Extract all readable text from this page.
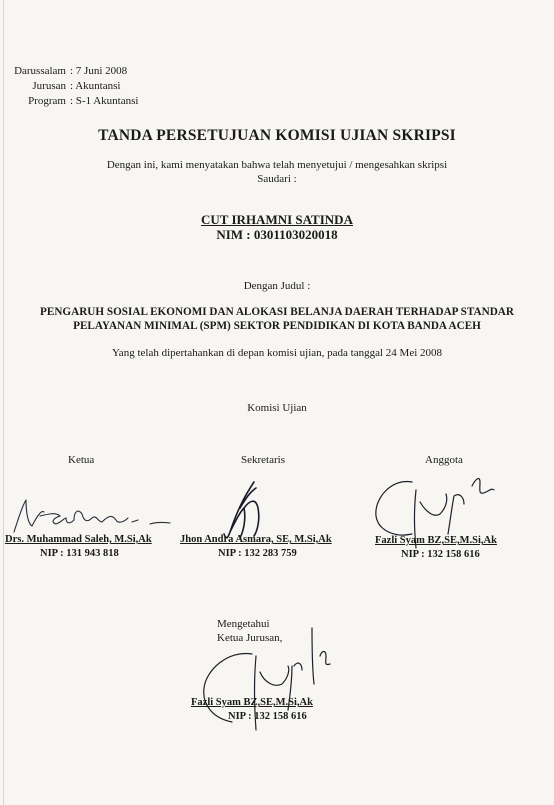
Darussalam : 7 Juni 2008
Jurusan : Akuntansi
Program : S-1 Akuntansi
TANDA PERSETUJUAN KOMISI UJIAN SKRIPSI
Dengan ini, kami menyatakan bahwa telah menyetujui / mengesahkan skripsi
Saudari :
CUT IRHAMNI SATINDA
NIM : 0301103020018
Dengan Judul :
PENGARUH SOSIAL EKONOMI DAN ALOKASI BELANJA DAERAH TERHADAP STANDAR
PELAYANAN MINIMAL (SPM) SEKTOR PENDIDIKAN DI KOTA BANDA ACEH
Yang telah dipertahankan di depan komisi ujian, pada tanggal 24 Mei 2008
Komisi Ujian
Ketua	Sekretaris	Anggota
Drs. Muhammad Saleh, M.Si,Ak
NIP : 131 943 818
Jhon Andra Asmara, SE, M.Si,Ak
NIP : 132 283 759
Fazli Syam BZ,SE,M.Si,Ak
NIP : 132 158 616
Mengetahui
Ketua Jurusan,
Fazli Syam BZ,SE,M.Si,Ak
NIP : 132 158 616
